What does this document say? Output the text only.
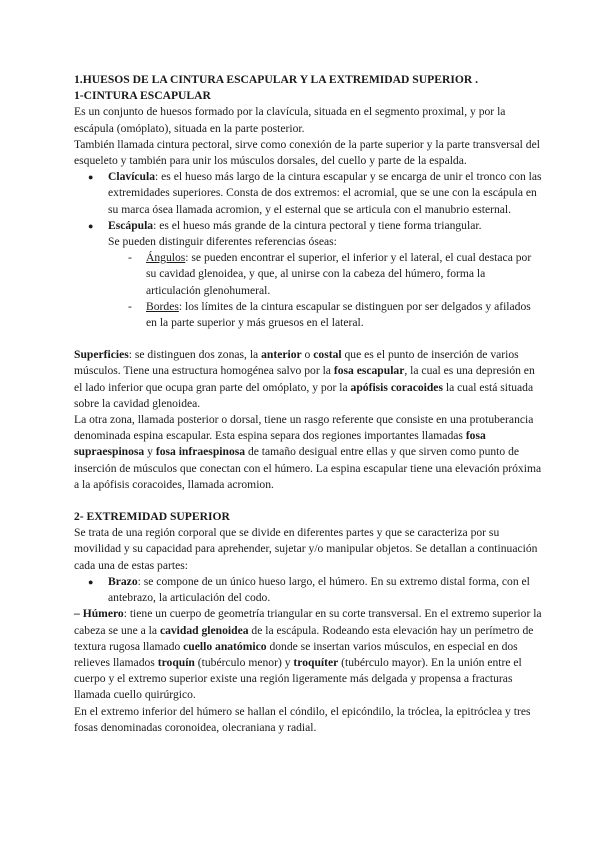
1.HUESOS DE LA CINTURA ESCAPULAR Y LA EXTREMIDAD SUPERIOR .

1-CINTURA ESCAPULAR

Es un conjunto de huesos formado por la clavícula, situada en el segmento proximal, y por la escápula (omóplato), situada en la parte posterior.

También llamada cintura pectoral, sirve como conexión de la parte superior y la parte transversal del esqueleto y también para unir los músculos dorsales, del cuello y parte de la espalda.

● Clavícula: es el hueso más largo de la cintura escapular y se encarga de unir el tronco con las extremidades superiores. Consta de dos extremos: el acromial, que se une con la escápula en su marca ósea llamada acromion, y el esternal que se articula con el manubrio esternal.
● Escápula: es el hueso más grande de la cintura pectoral y tiene forma triangular.
Se pueden distinguir diferentes referencias óseas:
- Ángulos: se pueden encontrar el superior, el inferior y el lateral, el cual destaca por su cavidad glenoidea, y que, al unirse con la cabeza del húmero, forma la articulación glenohumeral.
- Bordes: los límites de la cintura escapular se distinguen por ser delgados y afilados en la parte superior y más gruesos en el lateral.

Superficies: se distinguen dos zonas, la anterior o costal que es el punto de inserción de varios músculos. Tiene una estructura homogénea salvo por la fosa escapular, la cual es una depresión en el lado inferior que ocupa gran parte del omóplato, y por la apófisis coracoides la cual está situada sobre la cavidad glenoidea.

La otra zona, llamada posterior o dorsal, tiene un rasgo referente que consiste en una protuberancia denominada espina escapular. Esta espina separa dos regiones importantes llamadas fosa supraespinosa y fosa infraespinosa de tamaño desigual entre ellas y que sirven como punto de inserción de músculos que conectan con el húmero. La espina escapular tiene una elevación próxima a la apófisis coracoides, llamada acromion.

2- EXTREMIDAD SUPERIOR

Se trata de una región corporal que se divide en diferentes partes y que se caracteriza por su movilidad y su capacidad para aprehender, sujetar y/o manipular objetos. Se detallan a continuación cada una de estas partes:

● Brazo: se compone de un único hueso largo, el húmero. En su extremo distal forma, con el antebrazo, la articulación del codo.

– Húmero: tiene un cuerpo de geometría triangular en su corte transversal. En el extremo superior la cabeza se une a la cavidad glenoidea de la escápula. Rodeando esta elevación hay un perímetro de textura rugosa llamado cuello anatómico donde se insertan varios músculos, en especial en dos relieves llamados troquín (tubérculo menor) y troquíter (tubérculo mayor). En la unión entre el cuerpo y el extremo superior existe una región ligeramente más delgada y propensa a fracturas llamada cuello quirúrgico.

En el extremo inferior del húmero se hallan el cóndilo, el epicóndilo, la tróclea, la epitróclea y tres fosas denominadas coronoidea, olecraniana y radial.
